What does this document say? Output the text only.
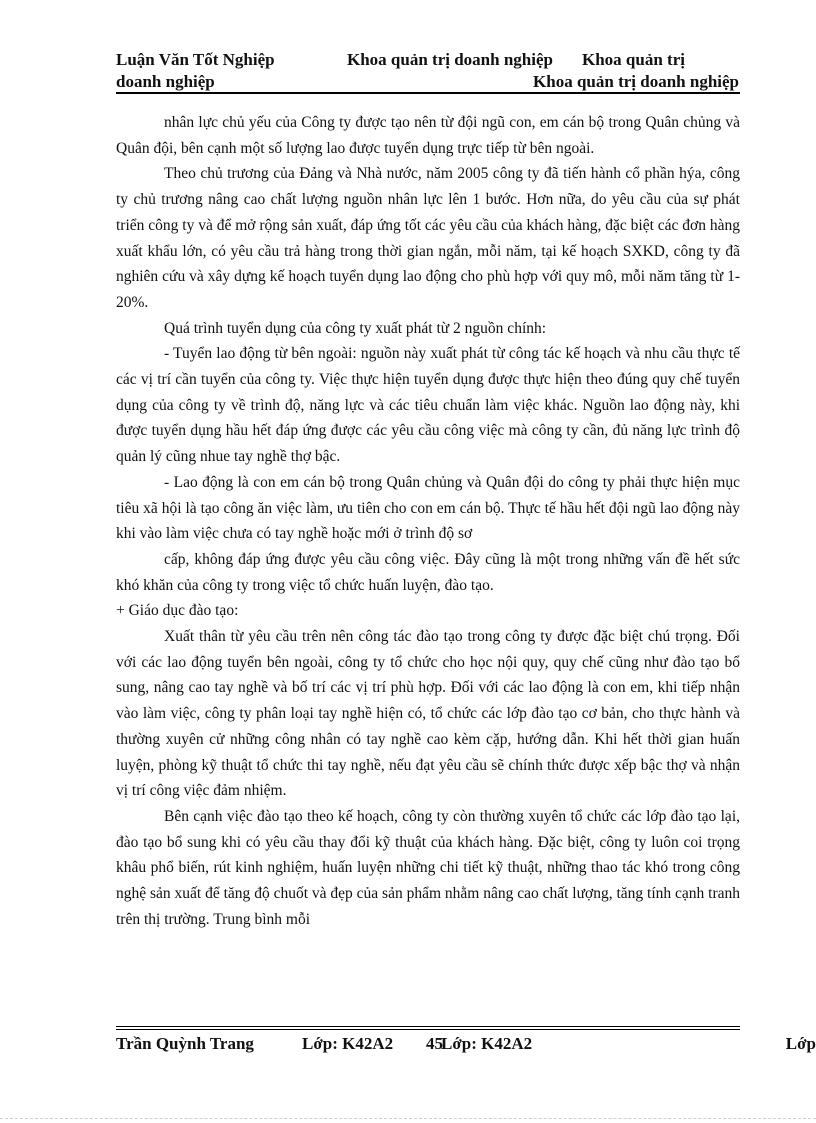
Luận Văn Tốt Nghiệp	Khoa quản trị doanh nghiệp Khoa quản trị
doanh nghiệp	Khoa quản trị doanh nghiệp

nhân lực chủ yếu của Công ty được tạo nên từ đội ngũ con, em cán bộ trong Quân chủng và Quân đội, bên cạnh một số lượng lao được tuyển dụng trực tiếp từ bên ngoài.

Theo chủ trương của Đảng và Nhà nước, năm 2005 công ty đã tiến hành cổ phần hýa, công ty chủ trương nâng cao chất lượng nguồn nhân lực lên 1 bước. Hơn nữa, do yêu cầu của sự phát triển công ty và để mở rộng sản xuất, đáp ứng tốt các yêu cầu của khách hàng, đặc biệt các đơn hàng xuất khẩu lớn, có yêu cầu trả hàng trong thời gian ngắn, mỗi năm, tại kế hoạch SXKD, công ty đã nghiên cứu và xây dựng kế hoạch tuyển dụng lao động cho phù hợp với quy mô, mỗi năm tăng từ 1-20%.

Quá trình tuyển dụng của công ty xuất phát từ 2 nguồn chính:

- Tuyển lao động từ bên ngoài: nguồn này xuất phát từ công tác kế hoạch và nhu cầu thực tế các vị trí cần tuyển của công ty. Việc thực hiện tuyển dụng được thực hiện theo đúng quy chế tuyển dụng của công ty về trình độ, năng lực và các tiêu chuẩn làm việc khác. Nguồn lao động này, khi được tuyển dụng hầu hết đáp ứng được các yêu cầu công việc mà công ty cần, đủ năng lực trình độ quản lý cũng nhue tay nghề thợ bậc.

- Lao động là con em cán bộ trong Quân chủng và Quân đội do công ty phải thực hiện mục tiêu xã hội là tạo công ăn việc làm, ưu tiên cho con em cán bộ. Thực tế hầu hết đội ngũ lao động này khi vào làm việc chưa có tay nghề hoặc mới ở trình độ sơ

cấp, không đáp ứng được yêu cầu công việc. Đây cũng là một trong những vấn đề hết sức khó khăn của công ty trong việc tổ chức huấn luyện, đào tạo.

+ Giáo dục đào tạo:

Xuất thân từ yêu cầu trên nên công tác đào tạo trong công ty được đặc biệt chú trọng. Đối với các lao động tuyển bên ngoài, công ty tổ chức cho học nội quy, quy chế cũng như đào tạo bổ sung, nâng cao tay nghề và bố trí các vị trí phù hợp. Đối với các lao động là con em, khi tiếp nhận vào làm việc, công ty phân loại tay nghề hiện có, tổ chức các lớp đào tạo cơ bản, cho thực hành và thường xuyên cử những công nhân có tay nghề cao kèm cặp, hướng dẫn. Khi hết thời gian huấn luyện, phòng kỹ thuật tổ chức thi tay nghề, nếu đạt yêu cầu sẽ chính thức được xếp bậc thợ và nhận vị trí công việc đảm nhiệm.

Bên cạnh việc đào tạo theo kế hoạch, công ty còn thường xuyên tổ chức các lớp đào tạo lại, đào tạo bổ sung khi có yêu cầu thay đổi kỹ thuật của khách hàng. Đặc biệt, công ty luôn coi trọng khâu phổ biến, rút kinh nghiệm, huấn luyện những chi tiết kỹ thuật, những thao tác khó trong công nghệ sản xuất để tăng độ chuốt và đẹp của sản phẩm nhằm nâng cao chất lượng, tăng tính cạnh tranh trên thị trường. Trung bình mỗi

Trần Quỳnh Trang	Lớp: K42A2 45
Lớp: K42A2	Lớp
